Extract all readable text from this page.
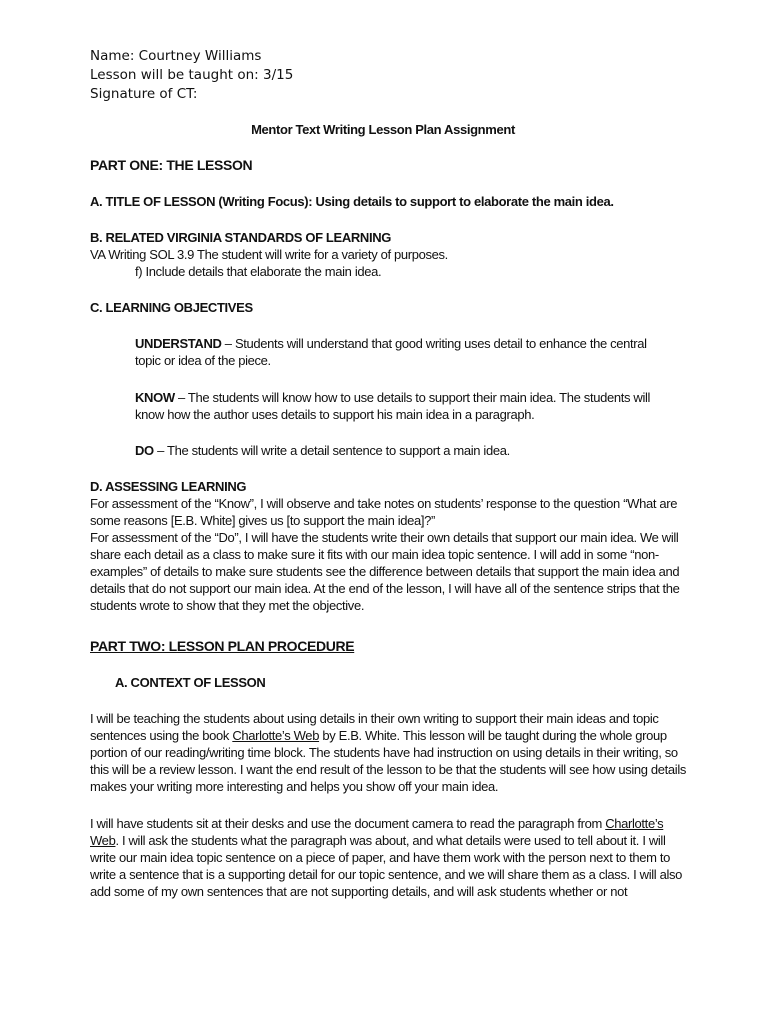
Name: Courtney Williams
Lesson will be taught on: 3/15
Signature of CT:
Mentor Text Writing Lesson Plan Assignment
PART ONE: THE LESSON
A. TITLE OF LESSON (Writing Focus): Using details to support to elaborate the main idea.
B. RELATED VIRGINIA STANDARDS OF LEARNING
VA Writing SOL 3.9 The student will write for a variety of purposes.
f) Include details that elaborate the main idea.
C. LEARNING OBJECTIVES

UNDERSTAND – Students will understand that good writing uses detail to enhance the central topic or idea of the piece.

KNOW – The students will know how to use details to support their main idea. The students will know how the author uses details to support his main idea in a paragraph.

DO – The students will write a detail sentence to support a main idea.

D. ASSESSING LEARNING

For assessment of the “Know”, I will observe and take notes on students’ response to the question “What are some reasons [E.B. White] gives us [to support the main idea]?”

For assessment of the “Do”, I will have the students write their own details that support our main idea. We will share each detail as a class to make sure it fits with our main idea topic sentence. I will add in some “non-examples” of details to make sure students see the difference between details that support the main idea and details that do not support our main idea. At the end of the lesson, I will have all of the sentence strips that the students wrote to show that they met the objective.

PART TWO: LESSON PLAN PROCEDURE
A. CONTEXT OF LESSON

I will be teaching the students about using details in their own writing to support their main ideas and topic sentences using the book Charlotte’s Web by E.B. White. This lesson will be taught during the whole group portion of our reading/writing time block. The students have had instruction on using details in their writing, so this will be a review lesson. I want the end result of the lesson to be that the students will see how using details makes your writing more interesting and helps you show off your main idea.

I will have students sit at their desks and use the document camera to read the paragraph from Charlotte’s Web. I will ask the students what the paragraph was about, and what details were used to tell about it. I will write our main idea topic sentence on a piece of paper, and have them work with the person next to them to write a sentence that is a supporting detail for our topic sentence, and we will share them as a class. I will also add some of my own sentences that are not supporting details, and will ask students whether or not
